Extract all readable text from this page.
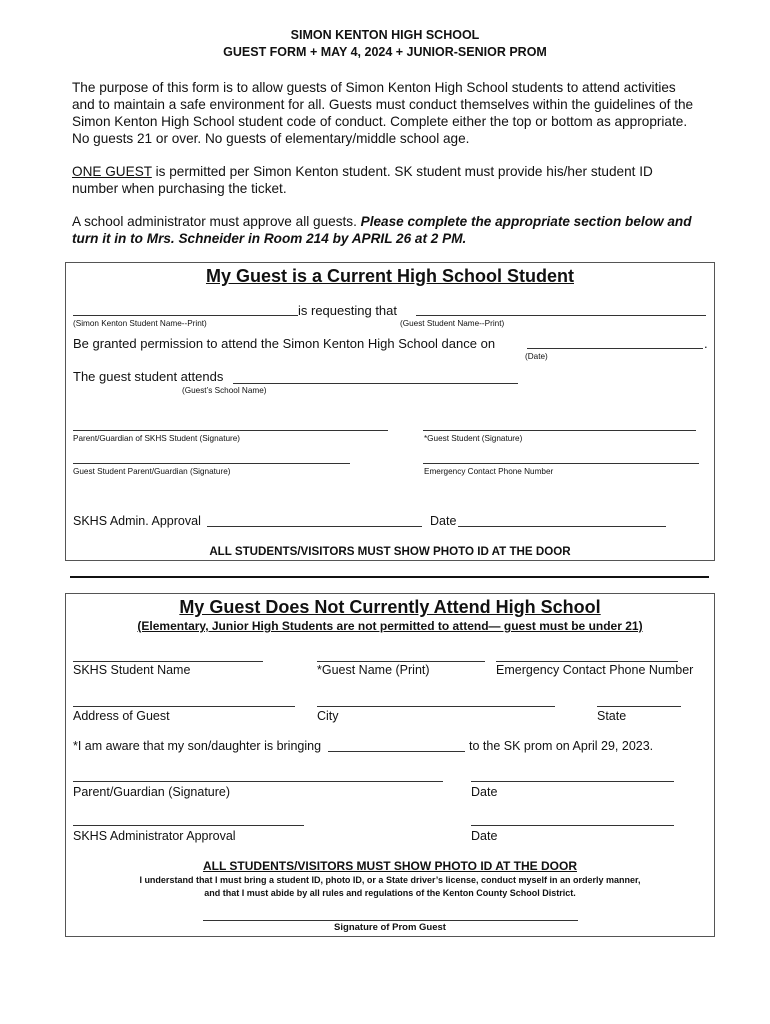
SIMON KENTON HIGH SCHOOL
GUEST FORM + MAY 4, 2024 + JUNIOR-SENIOR PROM
The purpose of this form is to allow guests of Simon Kenton High School students to attend activities and to maintain a safe environment for all. Guests must conduct themselves within the guidelines of the Simon Kenton High School student code of conduct. Complete either the top or bottom as appropriate. No guests 21 or over. No guests of elementary/middle school age.
ONE GUEST is permitted per Simon Kenton student. SK student must provide his/her student ID number when purchasing the ticket.
A school administrator must approve all guests. Please complete the appropriate section below and turn it in to Mrs. Schneider in Room 214 by APRIL 26 at 2 PM.
My Guest is a Current High School Student
is requesting that
(Simon Kenton Student Name--Print)	(Guest Student Name--Print)
Be granted permission to attend the Simon Kenton High School dance on	.
(Date)
The guest student attends
(Guest’s School Name)
Parent/Guardian of SKHS Student (Signature)	*Guest Student (Signature)
Guest Student Parent/Guardian (Signature)	Emergency Contact Phone Number
SKHS Admin. Approval	Date
ALL STUDENTS/VISITORS MUST SHOW PHOTO ID AT THE DOOR
My Guest Does Not Currently Attend High School
(Elementary, Junior High Students are not permitted to attend— guest must be under 21)
SKHS Student Name	*Guest Name (Print)	Emergency Contact Phone Number
Address of Guest	City	State
*I am aware that my son/daughter is bringing	to the SK prom on April 29, 2023.
Parent/Guardian (Signature)	Date
SKHS Administrator Approval	Date
ALL STUDENTS/VISITORS MUST SHOW PHOTO ID AT THE DOOR
I understand that I must bring a student ID, photo ID, or a State driver’s license, conduct myself in an orderly manner,
and that I must abide by all rules and regulations of the Kenton County School District.
Signature of Prom Guest
